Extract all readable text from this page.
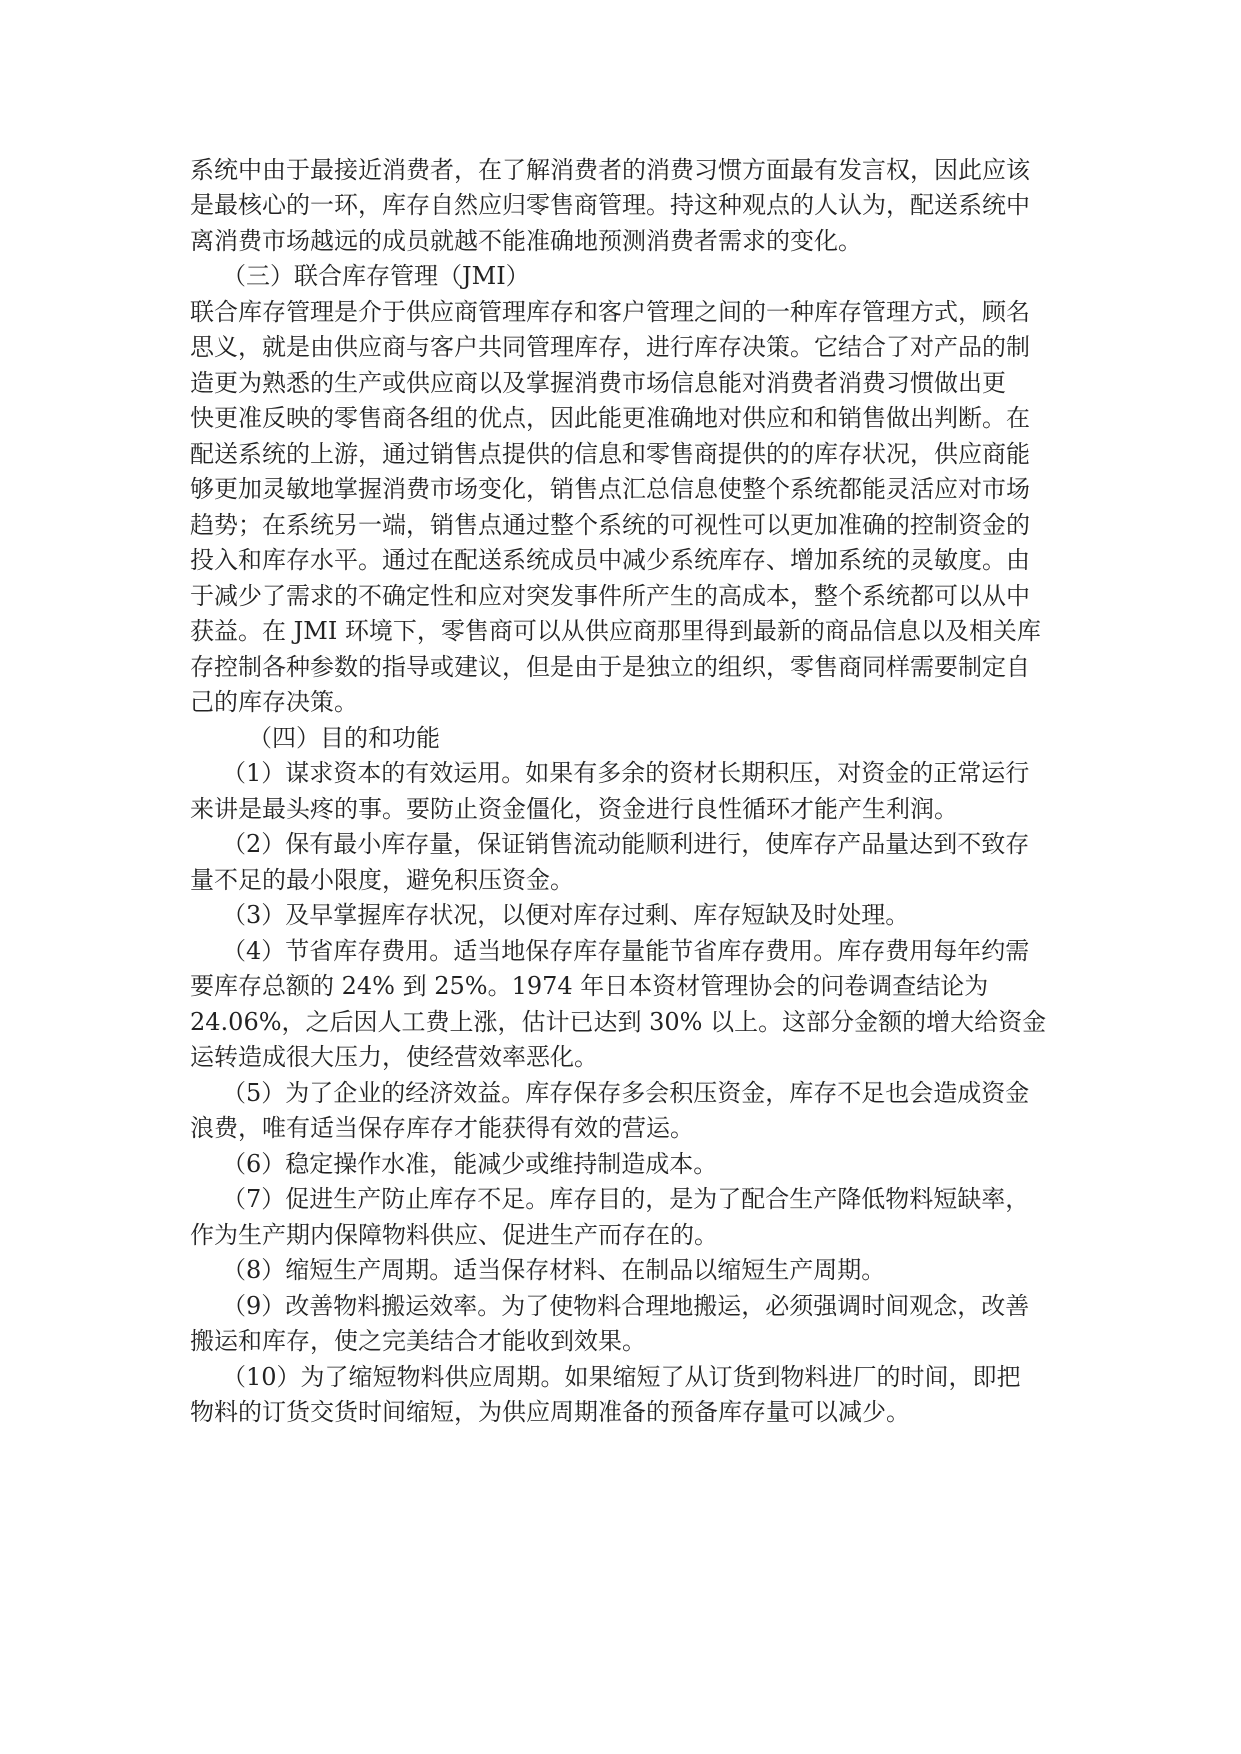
系统中由于最接近消费者，在了解消费者的消费习惯方面最有发言权，因此应该
是最核心的一环，库存自然应归零售商管理。持这种观点的人认为，配送系统中
离消费市场越远的成员就越不能准确地预测消费者需求的变化。
（三）联合库存管理（JMI）
联合库存管理是介于供应商管理库存和客户管理之间的一种库存管理方式，顾名
思义，就是由供应商与客户共同管理库存，进行库存决策。它结合了对产品的制
造更为熟悉的生产或供应商以及掌握消费市场信息能对消费者消费习惯做出更
快更准反映的零售商各组的优点，因此能更准确地对供应和和销售做出判断。在
配送系统的上游，通过销售点提供的信息和零售商提供的的库存状况，供应商能
够更加灵敏地掌握消费市场变化，销售点汇总信息使整个系统都能灵活应对市场
趋势；在系统另一端，销售点通过整个系统的可视性可以更加准确的控制资金的
投入和库存水平。通过在配送系统成员中减少系统库存、增加系统的灵敏度。由
于减少了需求的不确定性和应对突发事件所产生的高成本，整个系统都可以从中
获益。在 JMI 环境下，零售商可以从供应商那里得到最新的商品信息以及相关库
存控制各种参数的指导或建议，但是由于是独立的组织，零售商同样需要制定自
己的库存决策。
（四）目的和功能
（1）谋求资本的有效运用。如果有多余的资材长期积压，对资金的正常运行
来讲是最头疼的事。要防止资金僵化，资金进行良性循环才能产生利润。
（2）保有最小库存量，保证销售流动能顺利进行，使库存产品量达到不致存
量不足的最小限度，避免积压资金。
（3）及早掌握库存状况，以便对库存过剩、库存短缺及时处理。
（4）节省库存费用。适当地保存库存量能节省库存费用。库存费用每年约需
要库存总额的 24% 到 25%。1974 年日本资材管理协会的问卷调查结论为
24.06%，之后因人工费上涨，估计已达到 30% 以上。这部分金额的增大给资金
运转造成很大压力，使经营效率恶化。
（5）为了企业的经济效益。库存保存多会积压资金，库存不足也会造成资金
浪费，唯有适当保存库存才能获得有效的营运。
（6）稳定操作水准，能减少或维持制造成本。
（7）促进生产防止库存不足。库存目的，是为了配合生产降低物料短缺率，
作为生产期内保障物料供应、促进生产而存在的。
（8）缩短生产周期。适当保存材料、在制品以缩短生产周期。
（9）改善物料搬运效率。为了使物料合理地搬运，必须强调时间观念，改善
搬运和库存，使之完美结合才能收到效果。
（10）为了缩短物料供应周期。如果缩短了从订货到物料进厂的时间，即把
物料的订货交货时间缩短，为供应周期准备的预备库存量可以减少。
